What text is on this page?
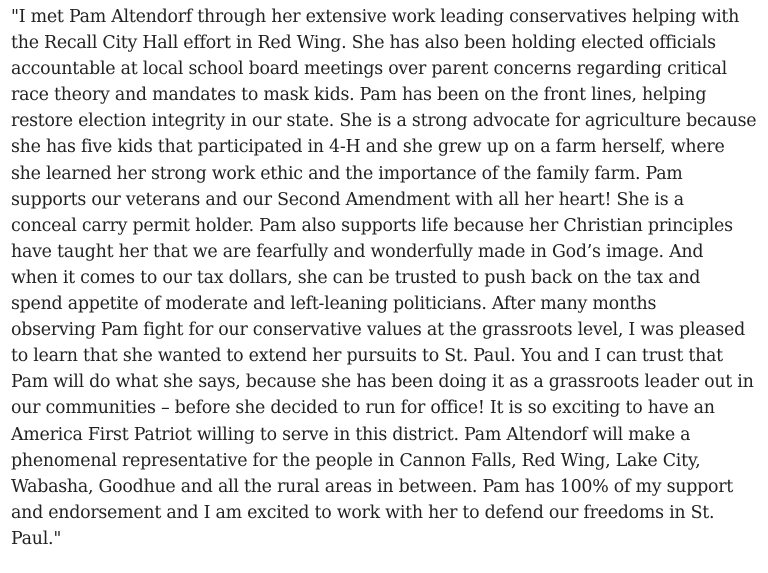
"I met Pam Altendorf through her extensive work leading conservatives helping with
the Recall City Hall effort in Red Wing. She has also been holding elected officials
accountable at local school board meetings over parent concerns regarding critical
race theory and mandates to mask kids. Pam has been on the front lines, helping
restore election integrity in our state. She is a strong advocate for agriculture because
she has five kids that participated in 4-H and she grew up on a farm herself, where
she learned her strong work ethic and the importance of the family farm. Pam
supports our veterans and our Second Amendment with all her heart! She is a
conceal carry permit holder. Pam also supports life because her Christian principles
have taught her that we are fearfully and wonderfully made in God’s image. And
when it comes to our tax dollars, she can be trusted to push back on the tax and
spend appetite of moderate and left-leaning politicians. After many months
observing Pam fight for our conservative values at the grassroots level, I was pleased
to learn that she wanted to extend her pursuits to St. Paul. You and I can trust that
Pam will do what she says, because she has been doing it as a grassroots leader out in
our communities – before she decided to run for office! It is so exciting to have an
America First Patriot willing to serve in this district. Pam Altendorf will make a
phenomenal representative for the people in Cannon Falls, Red Wing, Lake City,
Wabasha, Goodhue and all the rural areas in between. Pam has 100% of my support
and endorsement and I am excited to work with her to defend our freedoms in St.
Paul."
